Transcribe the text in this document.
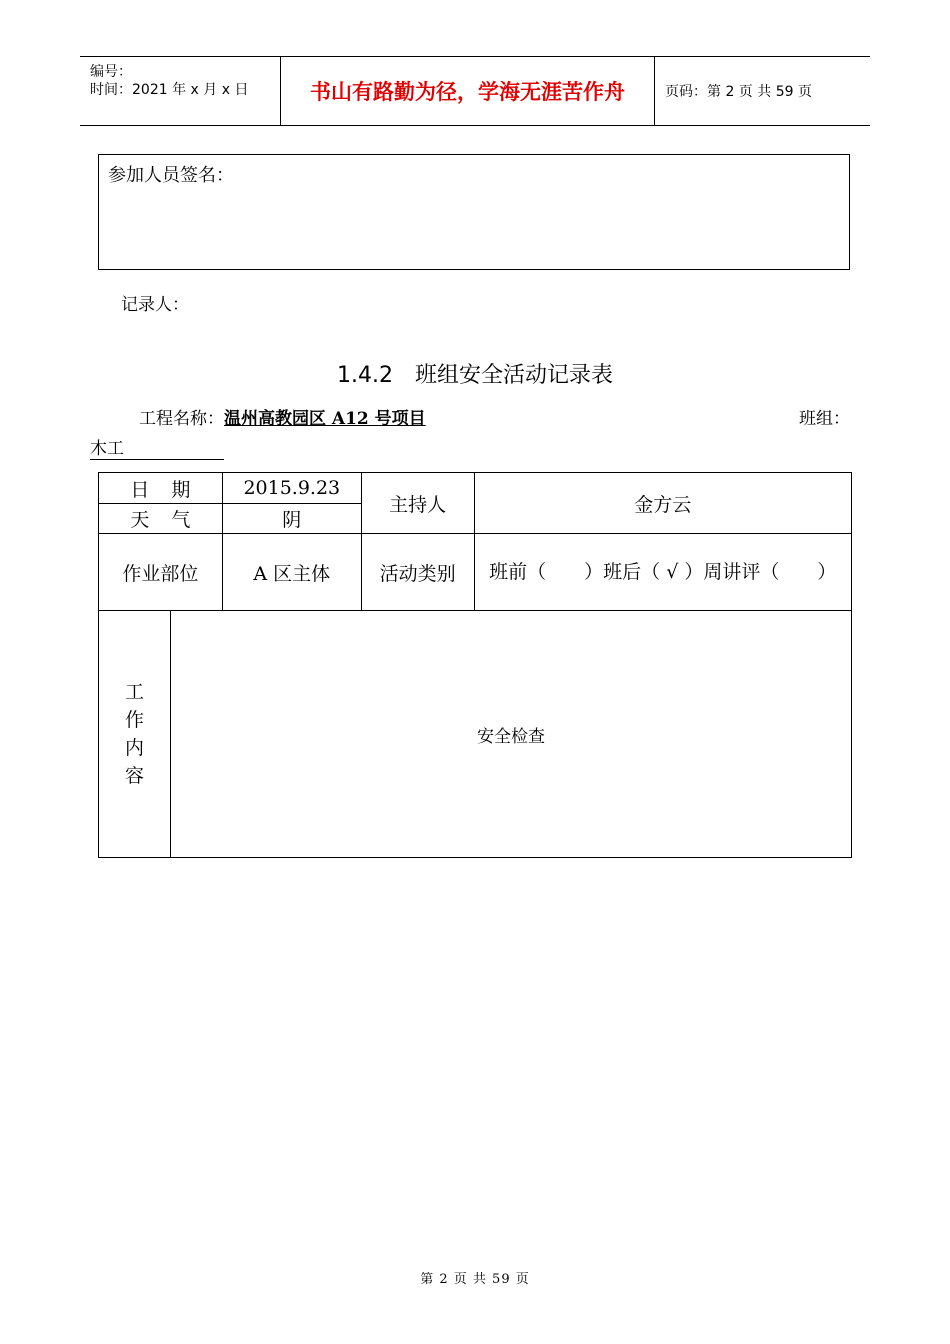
编号：
时间：2021 年 x 月 x 日	书山有路勤为径，学海无涯苦作舟	页码：第 2 页 共 59 页
参加人员签名：
记录人：
1.4.2　班组安全活动记录表
工程名称：温州高教园区 A12 号项目	班组：
木工
日期		2015.9.23	主持人	金方云
天气		阴		
作业部位		A 区主体	活动类别	班前（　　）班后（ √ ）周讲评（　　）

工作内容	安全检查			
第 2 页 共 59 页
